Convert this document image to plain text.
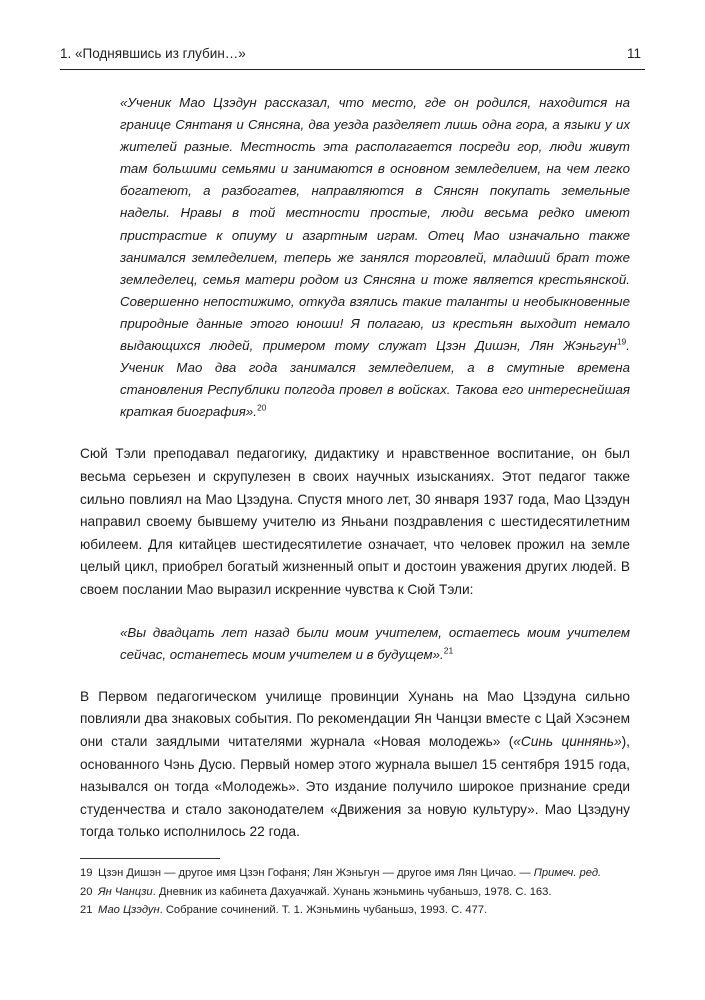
1. «Поднявшись из глубин…»	11

«Ученик Мао Цзэдун рассказал, что место, где он родился, находится на границе Сянтаня и Сянсяна, два уезда разделяет лишь одна гора, а языки у их жителей разные. Местность эта располагается посреди гор, люди живут там большими семьями и занимаются в основном земледелием, на чем легко богатеют, а разбогатев, направляются в Сянсян покупать земельные наделы. Нравы в той местности простые, люди весьма редко имеют пристрастие к опиуму и азартным играм. Отец Мао изначально также занимался земледелием, теперь же занялся торговлей, младший брат тоже земледелец, семья матери родом из Сянсяна и тоже является крестьянской. Совершенно непостижимо, откуда взялись такие таланты и необыкновенные природные данные этого юноши! Я полагаю, из крестьян выходит немало выдающихся людей, примером тому служат Цзэн Дишэн, Лян Жэньгун$^{19}$. Ученик Мао два года занимался земледелием, а в смутные времена становления Республики полгода провел в войсках. Такова его интереснейшая краткая биография».$^{20}$

Сюй Тэли преподавал педагогику, дидактику и нравственное воспитание, он был весьма серьезен и скрупулезен в своих научных изысканиях. Этот педагог также сильно повлиял на Мао Цзэдуна. Спустя много лет, 30 января 1937 года, Мао Цзэдун направил своему бывшему учителю из Яньани поздравления с шестидесятилетним юбилеем. Для китайцев шестидесятилетие означает, что человек прожил на земле целый цикл, приобрел богатый жизненный опыт и достоин уважения других людей. В своем послании Мао выразил искренние чувства к Сюй Тэли:

«Вы двадцать лет назад были моим учителем, остаетесь моим учителем сейчас, останетесь моим учителем и в будущем».$^{21}$

В Первом педагогическом училище провинции Хунань на Мао Цзэдуна сильно повлияли два знаковых события. По рекомендации Ян Чанцзи вместе с Цай Хэсэнем они стали заядлыми читателями журнала «Новая молодежь» («Синь циннянь»), основанного Чэнь Дусю. Первый номер этого журнала вышел 15 сентября 1915 года, назывался он тогда «Молодежь». Это издание получило широкое признание среди студенчества и стало законодателем «Движения за новую культуру». Мао Цзэдуну тогда только исполнилось 22 года.

19 Цзэн Дишэн — другое имя Цзэн Гофаня; Лян Жэньгун — другое имя Лян Цичао. — Примеч. ред.
20 Ян Чанцзи. Дневник из кабинета Дахуачжай. Хунань жэньминь чубаньшэ, 1978. С. 163.
21 Мао Цзэдун. Собрание сочинений. Т. 1. Жэньминь чубаньшэ, 1993. С. 477.
